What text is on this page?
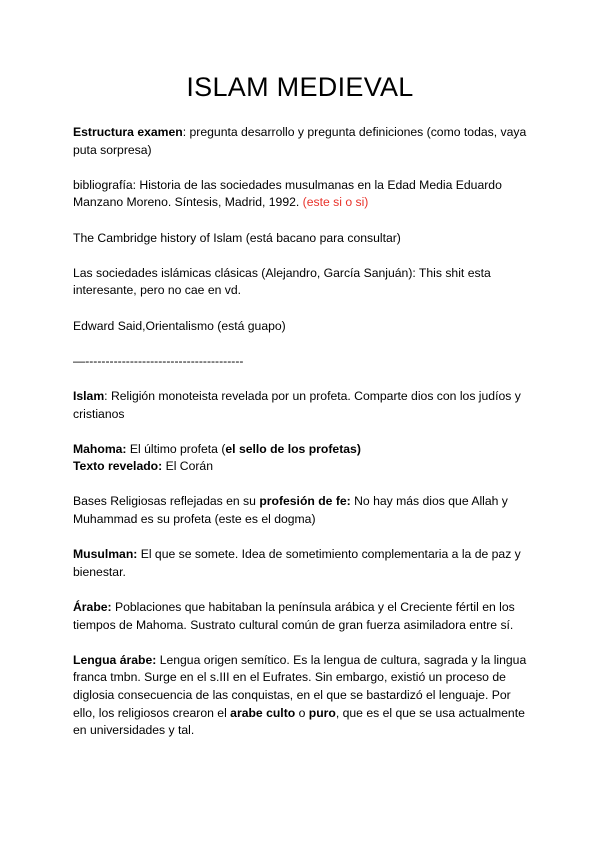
ISLAM MEDIEVAL

Estructura examen: pregunta desarrollo y pregunta definiciones (como todas, vaya puta sorpresa)

bibliografía: Historia de las sociedades musulmanas en la Edad Media Eduardo Manzano Moreno. Síntesis, Madrid, 1992. (este si o si)

The Cambridge history of Islam (está bacano para consultar)

Las sociedades islámicas clásicas (Alejandro, García Sanjuán): This shit esta interesante, pero no cae en vd.

Edward Said,Orientalismo (está guapo)

—---------------------------------------

Islam: Religión monoteista revelada por un profeta. Comparte dios con los judíos y cristianos

Mahoma: El último profeta (el sello de los profetas)
Texto revelado: El Corán

Bases Religiosas reflejadas en su profesión de fe: No hay más dios que Allah y Muhammad es su profeta (este es el dogma)

Musulman: El que se somete. Idea de sometimiento complementaria a la de paz y bienestar.

Árabe: Poblaciones que habitaban la península arábica y el Creciente fértil en los tiempos de Mahoma. Sustrato cultural común de gran fuerza asimiladora entre sí.

Lengua árabe: Lengua origen semítico. Es la lengua de cultura, sagrada y la lingua franca tmbn. Surge en el s.III en el Eufrates. Sin embargo, existió un proceso de diglosia consecuencia de las conquistas, en el que se bastardizó el lenguaje. Por ello, los religiosos crearon el arabe culto o puro, que es el que se usa actualmente en universidades y tal.
